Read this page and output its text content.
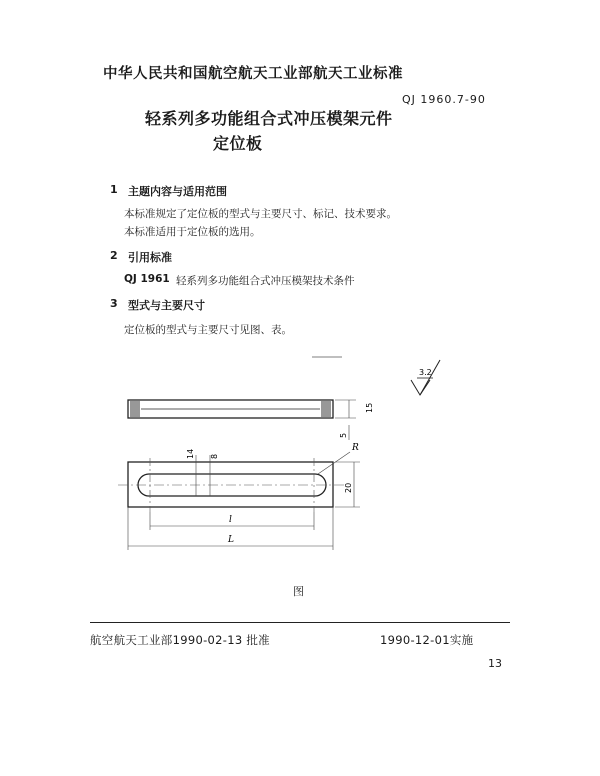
中华人民共和国航空航天工业部航天工业标准
QJ 1960.7-90
轻系列多功能组合式冲压模架元件
定位板
1 主题内容与适用范围
本标准规定了定位板的型式与主要尺寸、标记、技术要求。
本标准适用于定位板的选用。
2 引用标准
QJ 1961 轻系列多功能组合式冲压模架技术条件
3 型式与主要尺寸
定位板的型式与主要尺寸见图、表。
3.2
15
5
14 8
R
20
l
L
图
航空航天工业部1990-02-13 批准	1990-12-01实施
13
